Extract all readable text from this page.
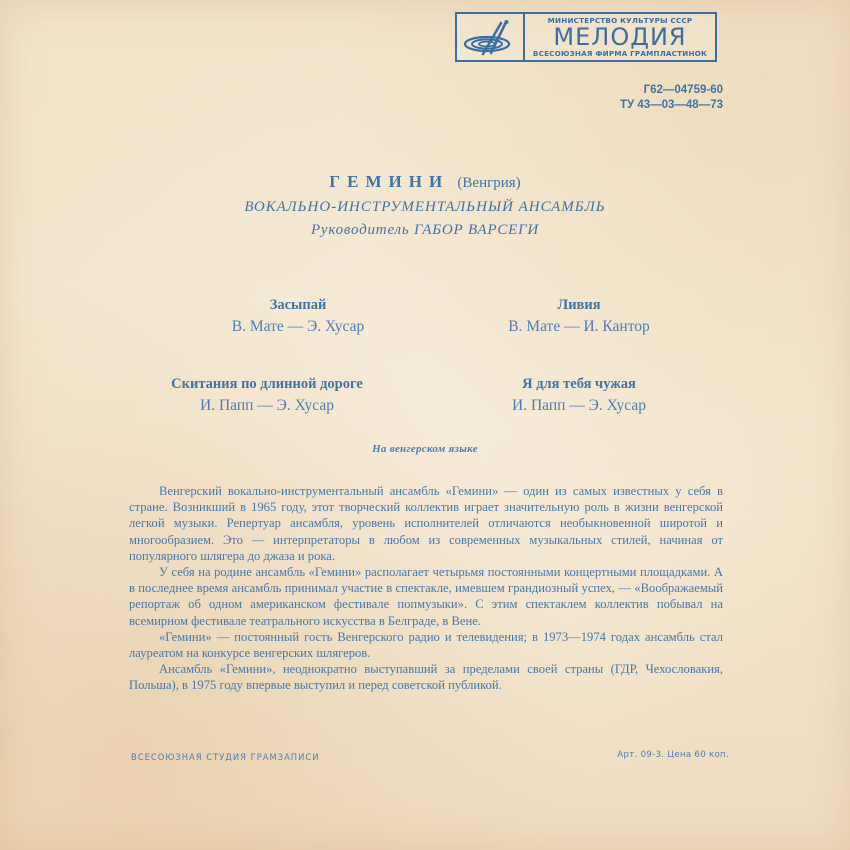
МИНИСТЕРСТВО КУЛЬТУРЫ СССР
МЕЛОДИЯ
ВСЕСОЮЗНАЯ ФИРМА ГРАМПЛАСТИНОК
Г62—04759-60
ТУ 43—03—48—73
ГЕМИНИ (Венгрия)
ВОКАЛЬНО-ИНСТРУМЕНТАЛЬНЫЙ АНСАМБЛЬ
Руководитель ГАБОР ВАРСЕГИ
Засыпай
В. Мате — Э. Хусар
Ливия
В. Мате — И. Кантор
Скитания по длинной дороге
И. Папп — Э. Хусар
Я для тебя чужая
И. Папп — Э. Хусар
На венгерском языке

Венгерский вокально-инструментальный ансамбль «Гемини» — один из самых известных у себя в стране. Возникший в 1965 году, этот творческий коллектив играет значительную роль в жизни венгерской легкой музыки. Репертуар ансамбля, уровень исполнителей отличаются необыкновенной широтой и многообразием. Это — интерпретаторы в любом из современных музыкальных стилей, начиная от популярного шлягера до джаза и рока.

У себя на родине ансамбль «Гемини» располагает четырьмя постоянными концертными площадками. А в последнее время ансамбль принимал участие в спектакле, имевшем грандиозный успех, — «Воображаемый репортаж об одном американском фестивале попмузыки». С этим спектаклем коллектив побывал на всемирном фестивале театрального искусства в Белграде, в Вене.

«Гемини» — постоянный гость Венгерского радио и телевидения; в 1973—1974 годах ансамбль стал лауреатом на конкурсе венгерских шлягеров.

Ансамбль «Гемини», неоднократно выступавший за пределами своей страны (ГДР, Чехословакия, Польша), в 1975 году впервые выступил и перед советской публикой.

ВСЕСОЮЗНАЯ СТУДИЯ ГРАМЗАПИСИ	Арт. 09-3. Цена 60 коп.
